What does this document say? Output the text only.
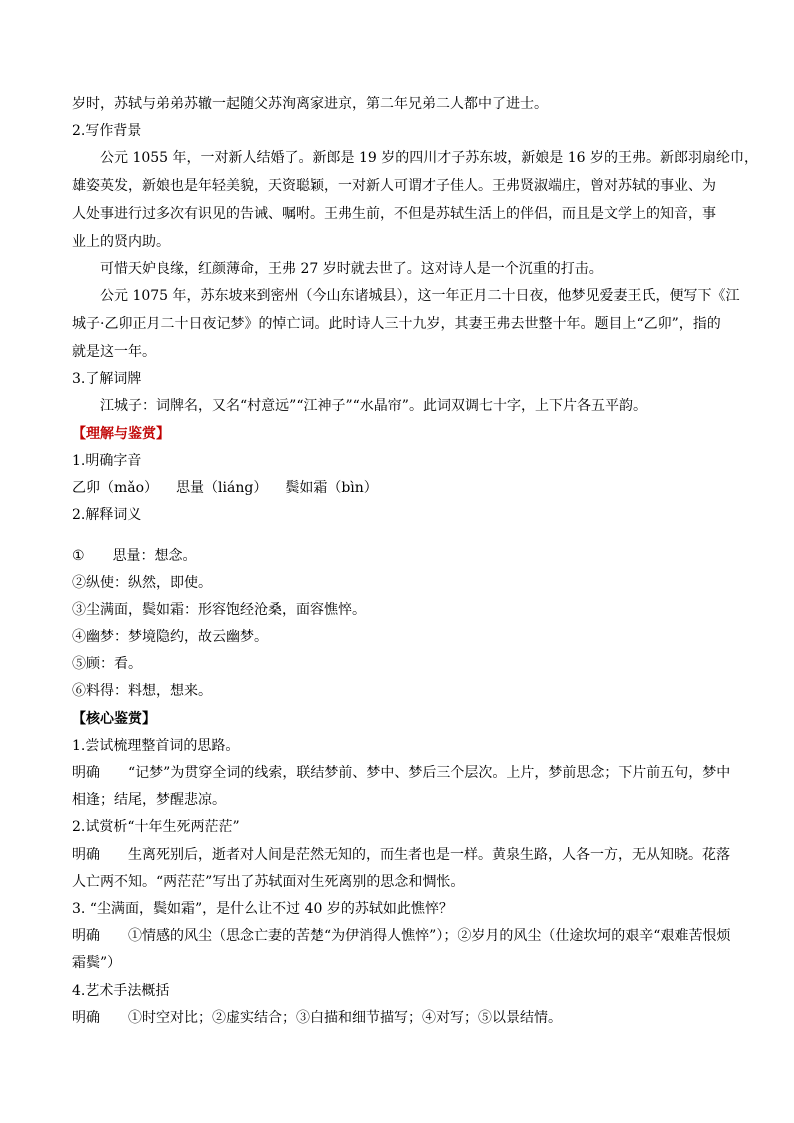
岁时，苏轼与弟弟苏辙一起随父苏洵离家进京，第二年兄弟二人都中了进士。
2.写作背景
公元 1055 年，一对新人结婚了。新郎是 19 岁的四川才子苏东坡，新娘是 16 岁的王弗。新郎羽扇纶巾，
雄姿英发，新娘也是年轻美貌，天资聪颖，一对新人可谓才子佳人。王弗贤淑端庄，曾对苏轼的事业、为
人处事进行过多次有识见的告诫、嘱咐。王弗生前，不但是苏轼生活上的伴侣，而且是文学上的知音，事
业上的贤内助。
可惜天妒良缘，红颜薄命，王弗 27 岁时就去世了。这对诗人是一个沉重的打击。
公元 1075 年，苏东坡来到密州（今山东诸城县），这一年正月二十日夜，他梦见爱妻王氏，便写下《江
城子·乙卯正月二十日夜记梦》的悼亡词。此时诗人三十九岁，其妻王弗去世整十年。题目上“乙卯”，指的
就是这一年。
3.了解词牌
江城子：词牌名，又名“村意远”“江神子”“水晶帘”。此词双调七十字，上下片各五平韵。
【理解与鉴赏】
1.明确字音
乙卯（mǎo） 思量（liáng） 鬓如霜（bìn）
2.解释词义
① 思量：想念。
②纵使：纵然，即使。
③尘满面，鬓如霜：形容饱经沧桑，面容憔悴。
④幽梦：梦境隐约，故云幽梦。
⑤顾：看。
⑥料得：料想，想来。
【核心鉴赏】
1.尝试梳理整首词的思路。
明确 “记梦”为贯穿全词的线索，联结梦前、梦中、梦后三个层次。上片，梦前思念；下片前五句，梦中
相逢；结尾，梦醒悲凉。
2.试赏析“十年生死两茫茫”
明确 生离死别后，逝者对人间是茫然无知的，而生者也是一样。黄泉生路，人各一方，无从知晓。花落
人亡两不知。“两茫茫”写出了苏轼面对生死离别的思念和惆怅。
3. “尘满面，鬓如霜”，是什么让不过 40 岁的苏轼如此憔悴？
明确 ①情感的风尘（思念亡妻的苦楚“为伊消得人憔悴”）；②岁月的风尘（仕途坎坷的艰辛“艰难苦恨烦
霜鬓”）
4.艺术手法概括
明确 ①时空对比；②虚实结合；③白描和细节描写；④对写；⑤以景结情。
